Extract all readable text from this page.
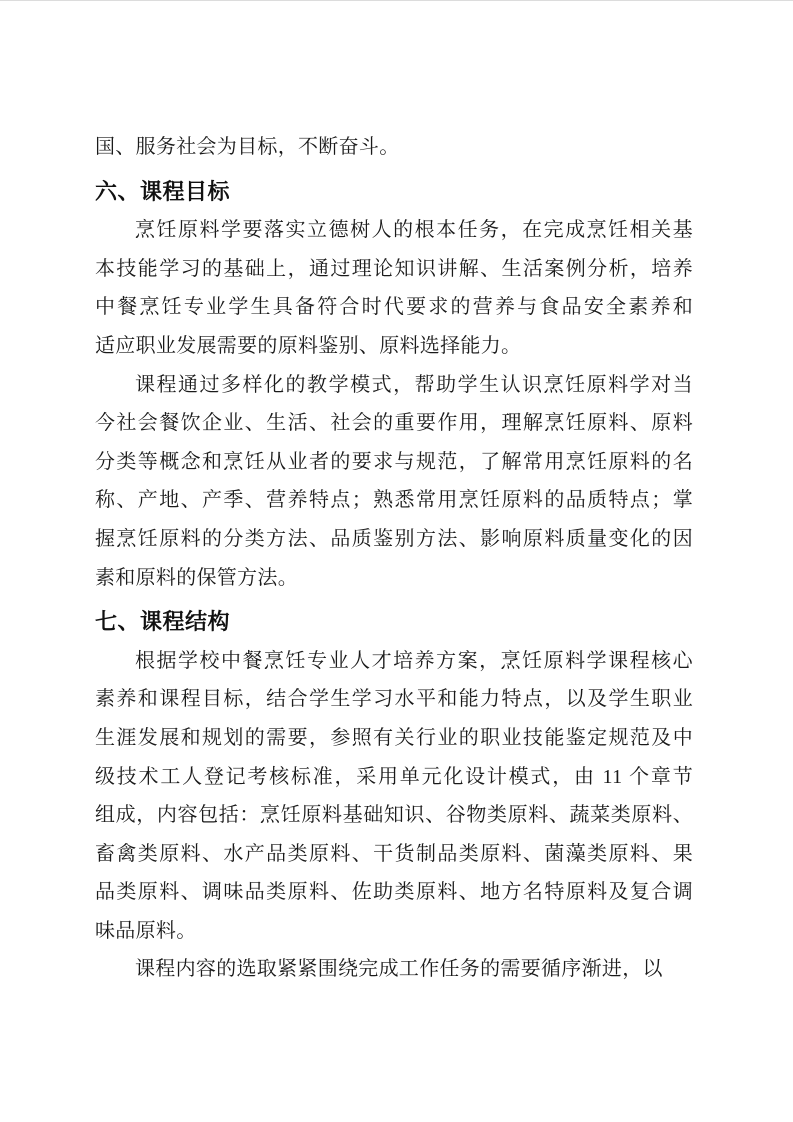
国、服务社会为目标，不断奋斗。
六、课程目标
烹饪原料学要落实立德树人的根本任务，在完成烹饪相关基
本技能学习的基础上，通过理论知识讲解、生活案例分析，培养
中餐烹饪专业学生具备符合时代要求的营养与食品安全素养和
适应职业发展需要的原料鉴别、原料选择能力。
课程通过多样化的教学模式，帮助学生认识烹饪原料学对当
今社会餐饮企业、生活、社会的重要作用，理解烹饪原料、原料
分类等概念和烹饪从业者的要求与规范，了解常用烹饪原料的名
称、产地、产季、营养特点；熟悉常用烹饪原料的品质特点；掌
握烹饪原料的分类方法、品质鉴别方法、影响原料质量变化的因
素和原料的保管方法。
七、课程结构
根据学校中餐烹饪专业人才培养方案，烹饪原料学课程核心
素养和课程目标，结合学生学习水平和能力特点，以及学生职业
生涯发展和规划的需要，参照有关行业的职业技能鉴定规范及中
级技术工人登记考核标准，采用单元化设计模式，由 11 个章节
组成，内容包括：烹饪原料基础知识、谷物类原料、蔬菜类原料、
畜禽类原料、水产品类原料、干货制品类原料、菌藻类原料、果
品类原料、调味品类原料、佐助类原料、地方名特原料及复合调
味品原料。
课程内容的选取紧紧围绕完成工作任务的需要循序渐进，以
